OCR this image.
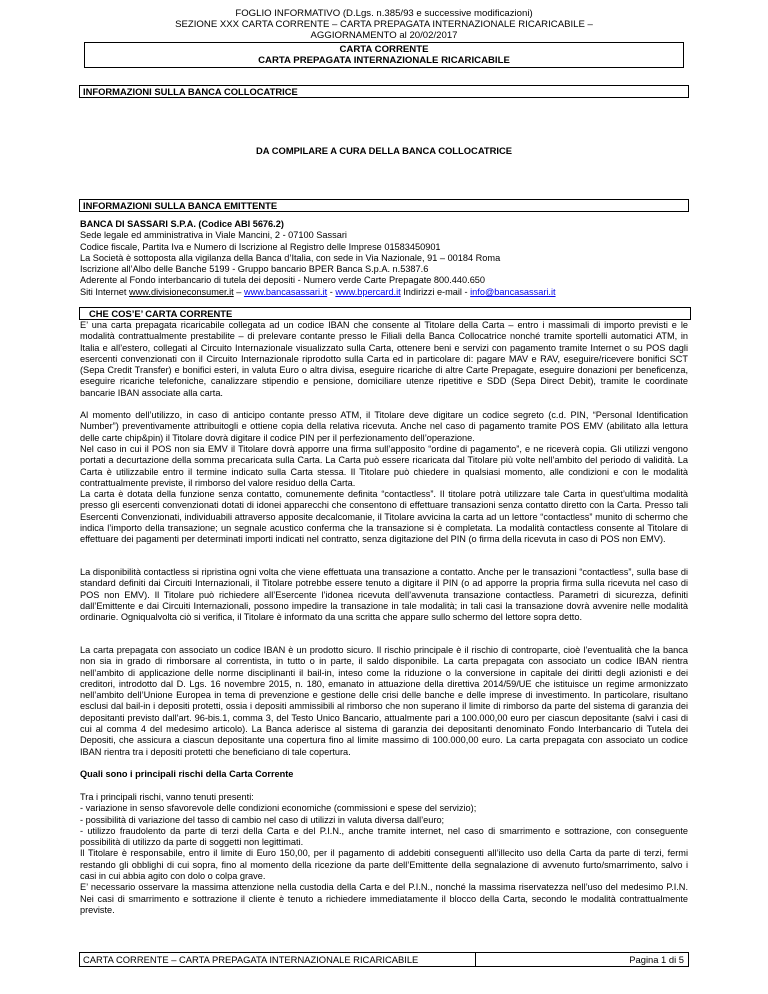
FOGLIO INFORMATIVO (D.Lgs. n.385/93 e successive modificazioni)
SEZIONE XXX CARTA CORRENTE – CARTA PREPAGATA INTERNAZIONALE RICARICABILE –
AGGIORNAMENTO al 20/02/2017
CARTA CORRENTE
CARTA PREPAGATA INTERNAZIONALE RICARICABILE
INFORMAZIONI SULLA BANCA COLLOCATRICE
DA COMPILARE A CURA DELLA BANCA COLLOCATRICE
INFORMAZIONI SULLA BANCA EMITTENTE

BANCA DI SASSARI S.P.A. (Codice ABI 5676.2)

Sede legale ed amministrativa in Viale Mancini, 2 - 07100 Sassari

Codice fiscale, Partita Iva e Numero di Iscrizione al Registro delle Imprese 01583450901

La Società è sottoposta alla vigilanza della Banca d’Italia, con sede in Via Nazionale, 91 – 00184 Roma

Iscrizione all’Albo delle Banche 5199 - Gruppo bancario BPER Banca S.p.A. n.5387.6

Aderente al Fondo interbancario di tutela dei depositi - Numero verde Carte Prepagate 800.440.650

Siti Internet www.divisioneconsumer.it – www.bancasassari.it - www.bpercard.it Indirizzi e-mail - info@bancasassari.it

CHE COS’E’ CARTA CORRENTE

E’ una carta prepagata ricaricabile collegata ad un codice IBAN che consente al Titolare della Carta – entro i massimali di importo previsti e le modalità contrattualmente prestabilite – di prelevare contante presso le Filiali della Banca Collocatrice nonché tramite sportelli automatici ATM, in Italia e all’estero, collegati al Circuito Internazionale visualizzato sulla Carta, ottenere beni e servizi con pagamento tramite Internet o su POS dagli esercenti convenzionati con il Circuito Internazionale riprodotto sulla Carta ed in particolare di: pagare MAV e RAV, eseguire/ricevere bonifici SCT (Sepa Credit Transfer) e bonifici esteri, in valuta Euro o altra divisa, eseguire ricariche di altre Carte Prepagate, eseguire donazioni per beneficenza, eseguire ricariche telefoniche, canalizzare stipendio e pensione, domiciliare utenze ripetitive e SDD (Sepa Direct Debit), tramite le coordinate bancarie IBAN associate alla carta.

Al momento dell’utilizzo, in caso di anticipo contante presso ATM, il Titolare deve digitare un codice segreto (c.d. PIN, “Personal Identification Number”) preventivamente attribuitogli e ottiene copia della relativa ricevuta. Anche nel caso di pagamento tramite POS EMV (abilitato alla lettura delle carte chip&pin) il Titolare dovrà digitare il codice PIN per il perfezionamento dell’operazione.

Nel caso in cui il POS non sia EMV il Titolare dovrà apporre una firma sull’apposito “ordine di pagamento”, e ne riceverà copia. Gli utilizzi vengono portati a decurtazione della somma precaricata sulla Carta. La Carta può essere ricaricata dal Titolare più volte nell’ambito del periodo di validità. La Carta è utilizzabile entro il termine indicato sulla Carta stessa. Il Titolare può chiedere in qualsiasi momento, alle condizioni e con le modalità contrattualmente previste, il rimborso del valore residuo della Carta.

La carta è dotata della funzione senza contatto, comunemente definita “contactless”. Il titolare potrà utilizzare tale Carta in quest’ultima modalità presso gli esercenti convenzionati dotati di idonei apparecchi che consentono di effettuare transazioni senza contatto diretto con la Carta. Presso tali Esercenti Convenzionati, individuabili attraverso apposite decalcomanie, il Titolare avvicina la carta ad un lettore “contactless” munito di schermo che indica l’importo della transazione; un segnale acustico conferma che la transazione si è completata. La modalità contactless consente al Titolare di effettuare dei pagamenti per determinati importi indicati nel contratto, senza digitazione del PIN (o firma della ricevuta in caso di POS non EMV).

La disponibilità contactless si ripristina ogni volta che viene effettuata una transazione a contatto. Anche per le transazioni “contactless”, sulla base di standard definiti dai Circuiti Internazionali, il Titolare potrebbe essere tenuto a digitare il PIN (o ad apporre la propria firma sulla ricevuta nel caso di POS non EMV). Il Titolare può richiedere all’Esercente l’idonea ricevuta dell’avvenuta transazione contactless. Parametri di sicurezza, definiti dall’Emittente e dai Circuiti Internazionali, possono impedire la transazione in tale modalità; in tali casi la transazione dovrà avvenire nelle modalità ordinarie. Ogniqualvolta ciò si verifica, il Titolare è informato da una scritta che appare sullo schermo del lettore sopra detto.

La carta prepagata con associato un codice IBAN è un prodotto sicuro. Il rischio principale è il rischio di controparte, cioè l’eventualità che la banca non sia in grado di rimborsare al correntista, in tutto o in parte, il saldo disponibile. La carta prepagata con associato un codice IBAN rientra nell’ambito di applicazione delle norme disciplinanti il bail-in, inteso come la riduzione o la conversione in capitale dei diritti degli azionisti e dei creditori, introdotto dal D. Lgs. 16 novembre 2015, n. 180, emanato in attuazione della direttiva 2014/59/UE che istituisce un regime armonizzato nell’ambito dell’Unione Europea in tema di prevenzione e gestione delle crisi delle banche e delle imprese di investimento. In particolare, risultano esclusi dal bail-in i depositi protetti, ossia i depositi ammissibili al rimborso che non superano il limite di rimborso da parte del sistema di garanzia dei depositanti previsto dall'art. 96-bis.1, comma 3, del Testo Unico Bancario, attualmente pari a 100.000,00 euro per ciascun depositante (salvi i casi di cui al comma 4 del medesimo articolo). La Banca aderisce al sistema di garanzia dei depositanti denominato Fondo Interbancario di Tutela dei Depositi, che assicura a ciascun depositante una copertura fino al limite massimo di 100.000,00 euro. La carta prepagata con associato un codice IBAN rientra tra i depositi protetti che beneficiano di tale copertura.

Quali sono i principali rischi della Carta Corrente

Tra i principali rischi, vanno tenuti presenti:

- variazione in senso sfavorevole delle condizioni economiche (commissioni e spese del servizio);

- possibilità di variazione del tasso di cambio nel caso di utilizzi in valuta diversa dall’euro;

- utilizzo fraudolento da parte di terzi della Carta e del P.I.N., anche tramite internet, nel caso di smarrimento e sottrazione, con conseguente possibilità di utilizzo da parte di soggetti non legittimati.

Il Titolare è responsabile, entro il limite di Euro 150,00, per il pagamento di addebiti conseguenti all’illecito uso della Carta da parte di terzi, fermi restando gli obblighi di cui sopra, fino al momento della ricezione da parte dell’Emittente della segnalazione di avvenuto furto/smarrimento, salvo i casi in cui abbia agito con dolo o colpa grave.

E’ necessario osservare la massima attenzione nella custodia della Carta e del P.I.N., nonché la massima riservatezza nell’uso del medesimo P.I.N. Nei casi di smarrimento e sottrazione il cliente è tenuto a richiedere immediatamente il blocco della Carta, secondo le modalità contrattualmente previste.

CARTA CORRENTE – CARTA PREPAGATA INTERNAZIONALE RICARICABILE	Pagina 1 di 5
